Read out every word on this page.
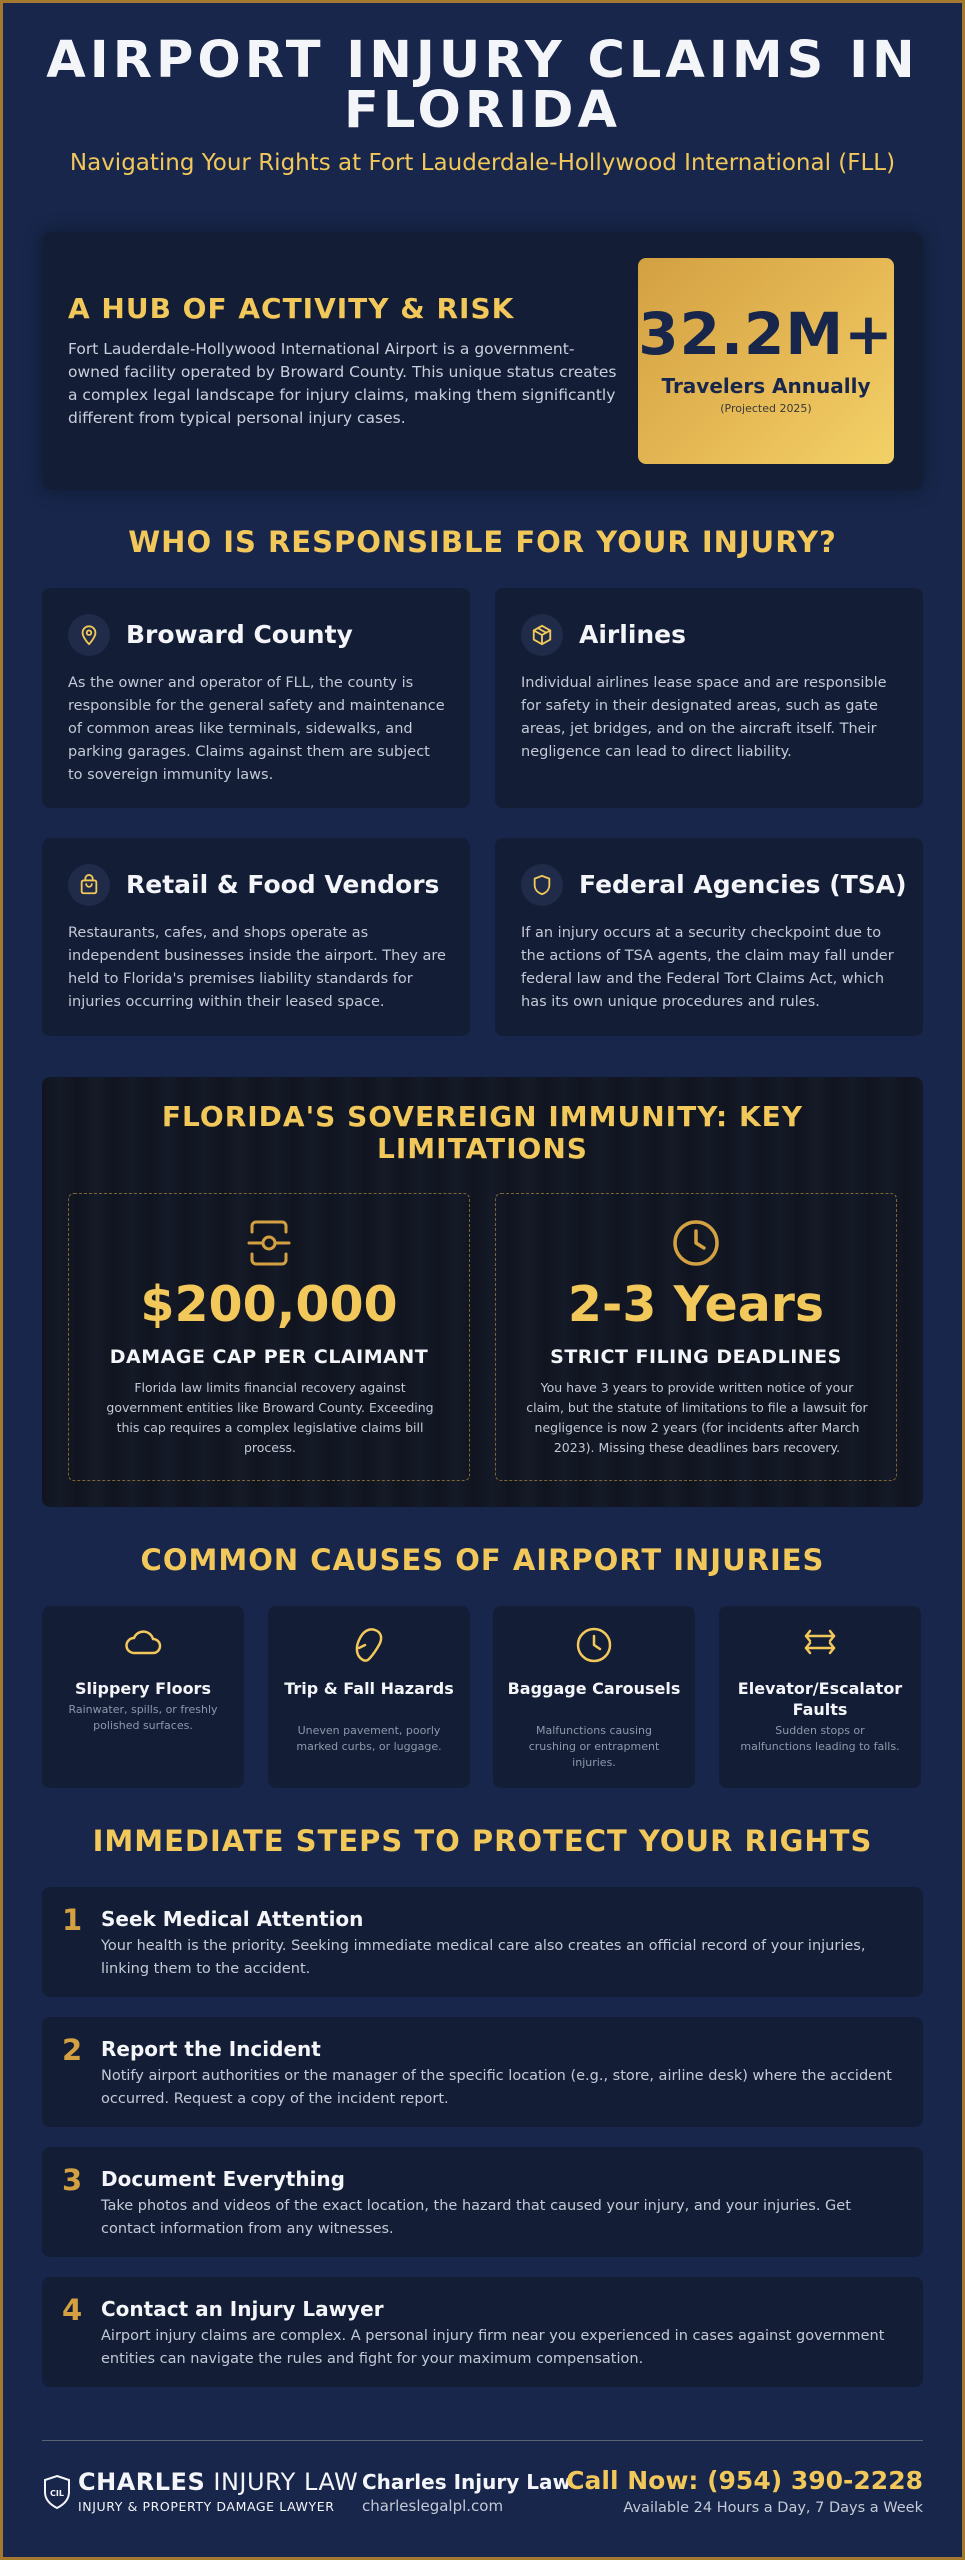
AIRPORT INJURY CLAIMS IN FLORIDA
Navigating Your Rights at Fort Lauderdale-Hollywood International (FLL)
A HUB OF ACTIVITY & RISK
Fort Lauderdale-Hollywood International Airport is a government-owned facility operated by Broward County. This unique status creates a complex legal landscape for injury claims, making them significantly different from typical personal injury cases.
32.2M+
Travelers Annually
(Projected 2025)
WHO IS RESPONSIBLE FOR YOUR INJURY?
Broward County
As the owner and operator of FLL, the county is responsible for the general safety and maintenance of common areas like terminals, sidewalks, and parking garages. Claims against them are subject to sovereign immunity laws.
Airlines
Individual airlines lease space and are responsible for safety in their designated areas, such as gate areas, jet bridges, and on the aircraft itself. Their negligence can lead to direct liability.
Retail & Food Vendors
Restaurants, cafes, and shops operate as independent businesses inside the airport. They are held to Florida's premises liability standards for injuries occurring within their leased space.
Federal Agencies (TSA)
If an injury occurs at a security checkpoint due to the actions of TSA agents, the claim may fall under federal law and the Federal Tort Claims Act, which has its own unique procedures and rules.
FLORIDA'S SOVEREIGN IMMUNITY: KEY LIMITATIONS
$200,000
DAMAGE CAP PER CLAIMANT
Florida law limits financial recovery against government entities like Broward County. Exceeding this cap requires a complex legislative claims bill process.
2-3 Years
STRICT FILING DEADLINES
You have 3 years to provide written notice of your claim, but the statute of limitations to file a lawsuit for negligence is now 2 years (for incidents after March 2023). Missing these deadlines bars recovery.
COMMON CAUSES OF AIRPORT INJURIES
Slippery Floors
Rainwater, spills, or freshly polished surfaces.
Trip & Fall Hazards
Uneven pavement, poorly marked curbs, or luggage.
Baggage Carousels
Malfunctions causing crushing or entrapment injuries.
Elevator/Escalator Faults
Sudden stops or malfunctions leading to falls.
IMMEDIATE STEPS TO PROTECT YOUR RIGHTS
1 Seek Medical Attention
Your health is the priority. Seeking immediate medical care also creates an official record of your injuries, linking them to the accident.
2 Report the Incident
Notify airport authorities or the manager of the specific location (e.g., store, airline desk) where the accident occurred. Request a copy of the incident report.
3 Document Everything
Take photos and videos of the exact location, the hazard that caused your injury, and your injuries. Get contact information from any witnesses.
4 Contact an Injury Lawyer
Airport injury claims are complex. A personal injury firm near you experienced in cases against government entities can navigate the rules and fight for your maximum compensation.
CIL CHARLES INJURY LAW
INJURY & PROPERTY DAMAGE LAWYER
Charles Injury Law
charleslegalpl.com
Call Now: (954) 390-2228
Available 24 Hours a Day, 7 Days a Week
